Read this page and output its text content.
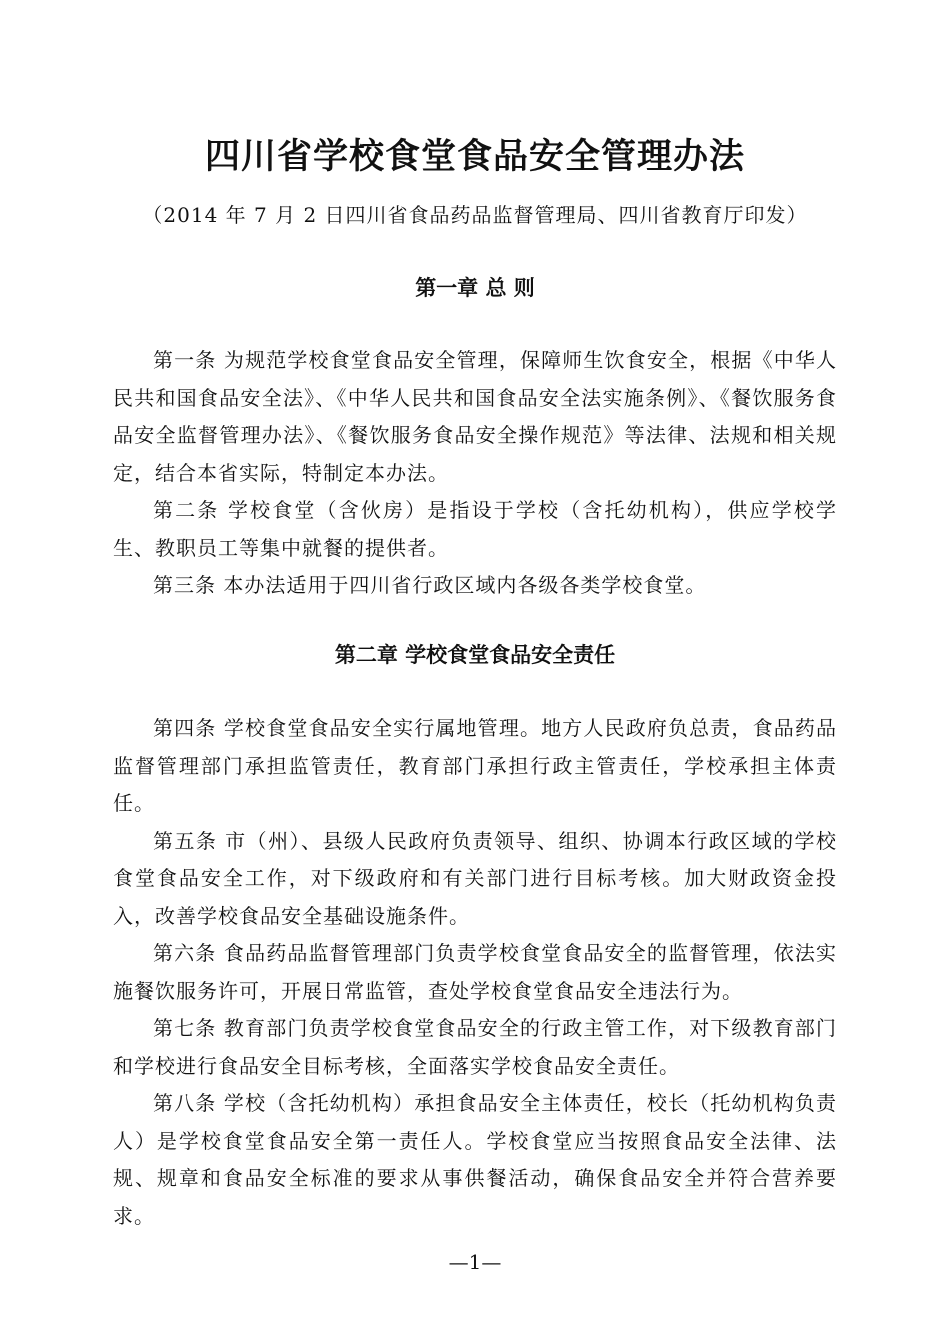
四川省学校食堂食品安全管理办法

（2014 年 7 月 2 日四川省食品药品监督管理局、四川省教育厅印发）

第一章 总 则

第一条 为规范学校食堂食品安全管理，保障师生饮食安全，根据《中华人民共和国食品安全法》、《中华人民共和国食品安全法实施条例》、《餐饮服务食品安全监督管理办法》、《餐饮服务食品安全操作规范》等法律、法规和相关规定，结合本省实际，特制定本办法。

第二条 学校食堂（含伙房）是指设于学校（含托幼机构），供应学校学生、教职员工等集中就餐的提供者。

第三条 本办法适用于四川省行政区域内各级各类学校食堂。

第二章 学校食堂食品安全责任

第四条 学校食堂食品安全实行属地管理。地方人民政府负总责，食品药品监督管理部门承担监管责任，教育部门承担行政主管责任，学校承担主体责任。

第五条 市（州）、县级人民政府负责领导、组织、协调本行政区域的学校食堂食品安全工作，对下级政府和有关部门进行目标考核。加大财政资金投入，改善学校食品安全基础设施条件。

第六条 食品药品监督管理部门负责学校食堂食品安全的监督管理，依法实施餐饮服务许可，开展日常监管，查处学校食堂食品安全违法行为。

第七条 教育部门负责学校食堂食品安全的行政主管工作，对下级教育部门和学校进行食品安全目标考核，全面落实学校食品安全责任。

第八条 学校（含托幼机构）承担食品安全主体责任，校长（托幼机构负责人）是学校食堂食品安全第一责任人。学校食堂应当按照食品安全法律、法规、规章和食品安全标准的要求从事供餐活动，确保食品安全并符合营养要求。

—1—
